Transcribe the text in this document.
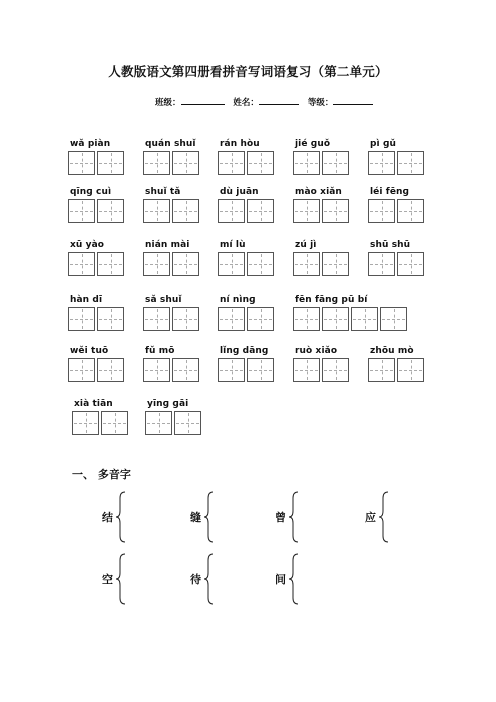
人教版语文第四册看拼音写词语复习（第二单元）
班级：	姓名：	等级：
wǎ piàn	quán shuǐ	rán hòu	jié ɡuǒ	pì ɡǔ
qīnɡ cuì	shuǐ tǎ	dù juān	mào xiǎn	léi fēnɡ
xū yào	nián mài	mí lù	zú jì	shū shū
hàn dī	sǎ shuǐ	ní nìnɡ	fēn fānɡ pū bí
wěi tuō	fǔ mō	lǐnɡ dānɡ	ruò xiǎo	zhōu mò
xià tiān	yīnɡ ɡāi
一、 多音字
结	缝	曾	应
空	待	间
